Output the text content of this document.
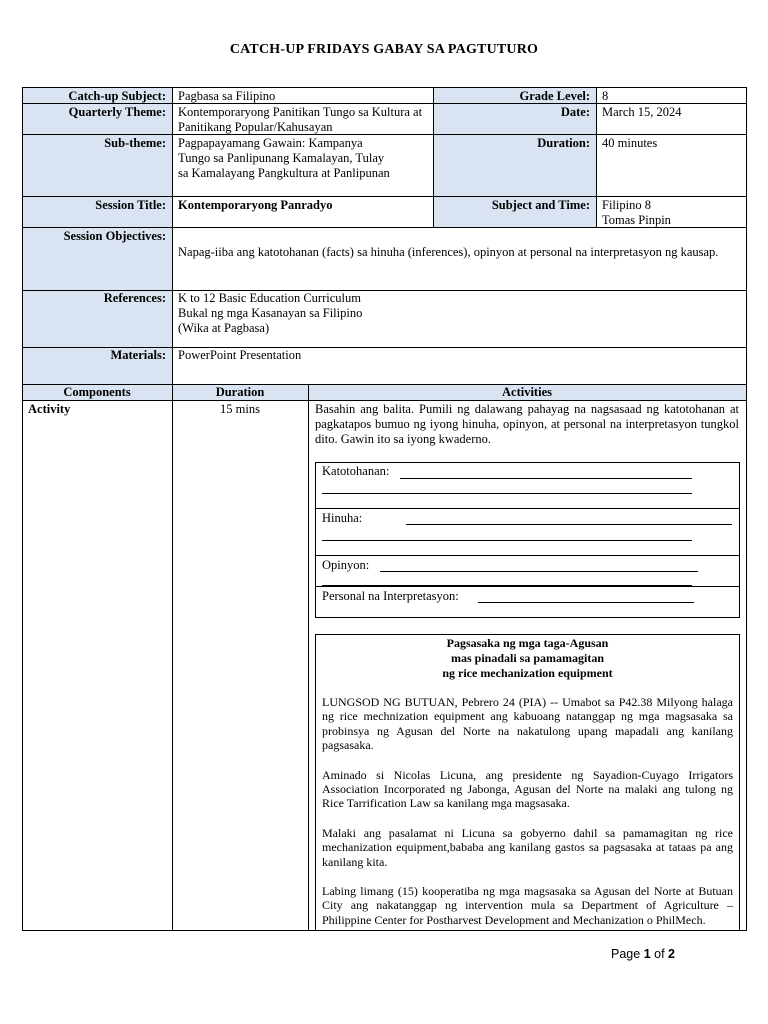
CATCH-UP FRIDAYS GABAY SA PAGTUTURO
Catch-up Subject: Pagbasa sa Filipino	Grade Level: 8
Quarterly Theme: Kontemporaryong Panitikan Tungo sa Kultura at Panitikang Popular/Kahusayan
Date: March 15, 2024
Sub-theme: Pagpapayamang Gawain: Kampanya Tungo sa Panlipunang Kamalayan, Tulay sa Kamalayang Pangkultura at Panlipunan
Duration: 40 minutes
Session Title: Kontemporaryong Panradyo	Subject and Time: Filipino 8
Tomas Pinpin
Session Objectives:
Napag-iiba ang katotohanan (facts) sa hinuha (inferences), opinyon at personal na interpretasyon ng kausap.
References: K to 12 Basic Education Curriculum
Bukal ng mga Kasanayan sa Filipino
(Wika at Pagbasa)
Materials: PowerPoint Presentation
Components	Duration	Activities
Activity	15 mins	Basahin ang balita. Pumili ng dalawang pahayag na nagsasaad ng katotohanan at pagkatapos bumuo ng iyong hinuha, opinyon, at personal na interpretasyon tungkol dito. Gawin ito sa iyong kwaderno.
Katotohanan:
Hinuha:
Opinyon:
Personal na Interpretasyon:
Pagsasaka ng mga taga-Agusan
mas pinadali sa pamamagitan
ng rice mechanization equipment

LUNGSOD NG BUTUAN, Pebrero 24 (PIA) -- Umabot sa P42.38 Milyong halaga ng rice mechnization equipment ang kabuoang natanggap ng mga magsasaka sa probinsya ng Agusan del Norte na nakatulong upang mapadali ang kanilang pagsasaka.

Aminado si Nicolas Licuna, ang presidente ng Sayadion-Cuyago Irrigators Association Incorporated ng Jabonga, Agusan del Norte na malaki ang tulong ng Rice Tarrification Law sa kanilang mga magsasaka.

Malaki ang pasalamat ni Licuna sa gobyerno dahil sa pamamagitan ng rice mechanization equipment,bababa ang kanilang gastos sa pagsasaka at tataas pa ang kanilang kita.

Labing limang (15) kooperatiba ng mga magsasaka sa Agusan del Norte at Butuan City ang nakatanggap ng intervention mula sa Department of Agriculture – Philippine Center for Postharvest Development and Mechanization o PhilMech.

Page 1 of 2
